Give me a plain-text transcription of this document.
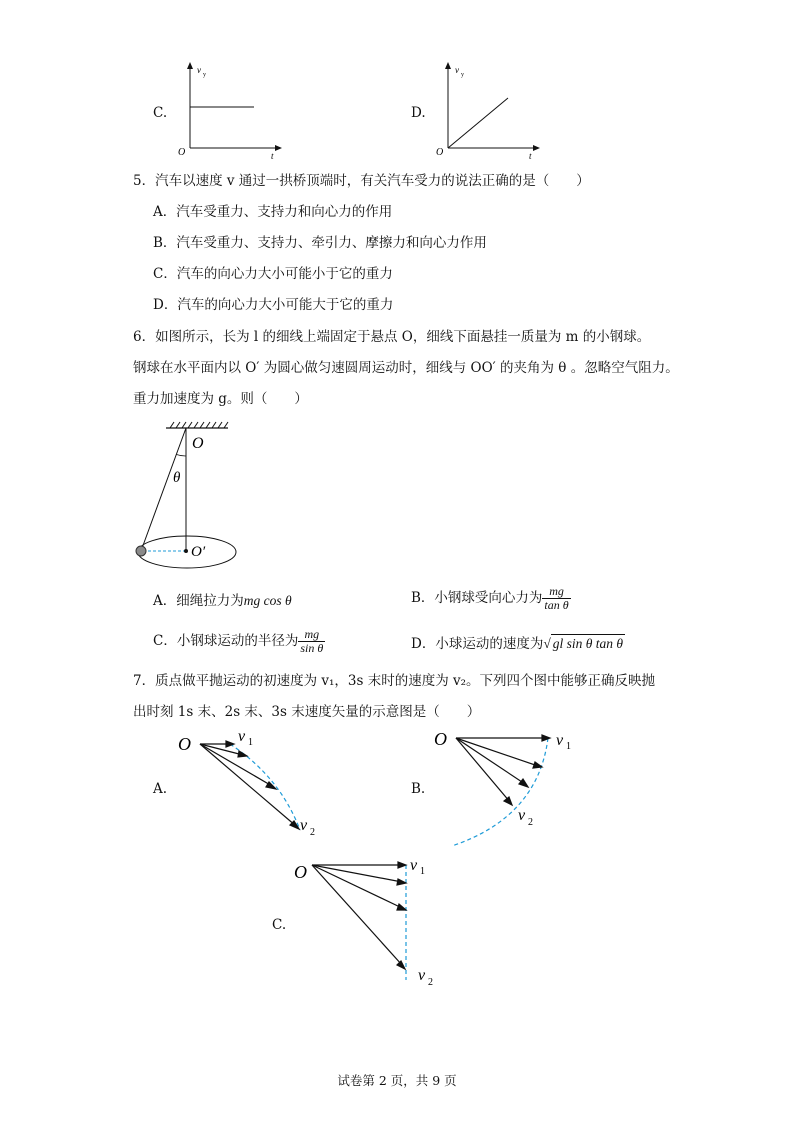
C.
v y
O	t
D.
v y
O	t
5．汽车以速度 v 通过一拱桥顶端时，有关汽车受力的说法正确的是（　　）
A．汽车受重力、支持力和向心力的作用
B．汽车受重力、支持力、牵引力、摩擦力和向心力作用
C．汽车的向心力大小可能小于它的重力
D．汽车的向心力大小可能大于它的重力
6．如图所示，长为 l 的细线上端固定于悬点 O，细线下面悬挂一质量为 m 的小钢球。
钢球在水平面内以 O′ 为圆心做匀速圆周运动时，细线与 OO′ 的夹角为 θ 。忽略空气阻力。
重力加速度为 g。则（　　）
O
θ
O′
A．细绳拉力为mg cos θ	B．小钢球受向心力为 $\frac{mg}{\text{tan θ}}$
C．小钢球运动的半径为 $\frac{mg}{\text{sin θ}}$	D．小球运动的速度为√ gl sin θ tan θ
7．质点做平抛运动的初速度为 v₁，3s 末时的速度为 v₂。下列四个图中能够正确反映抛
出时刻 1s 末、2s 末、3s 末速度矢量的示意图是（　　）
A.
O	v 1
v 2
B.
O	v 1
v 2
C.
O	v 1
v 2
试卷第 2 页，共 9 页
